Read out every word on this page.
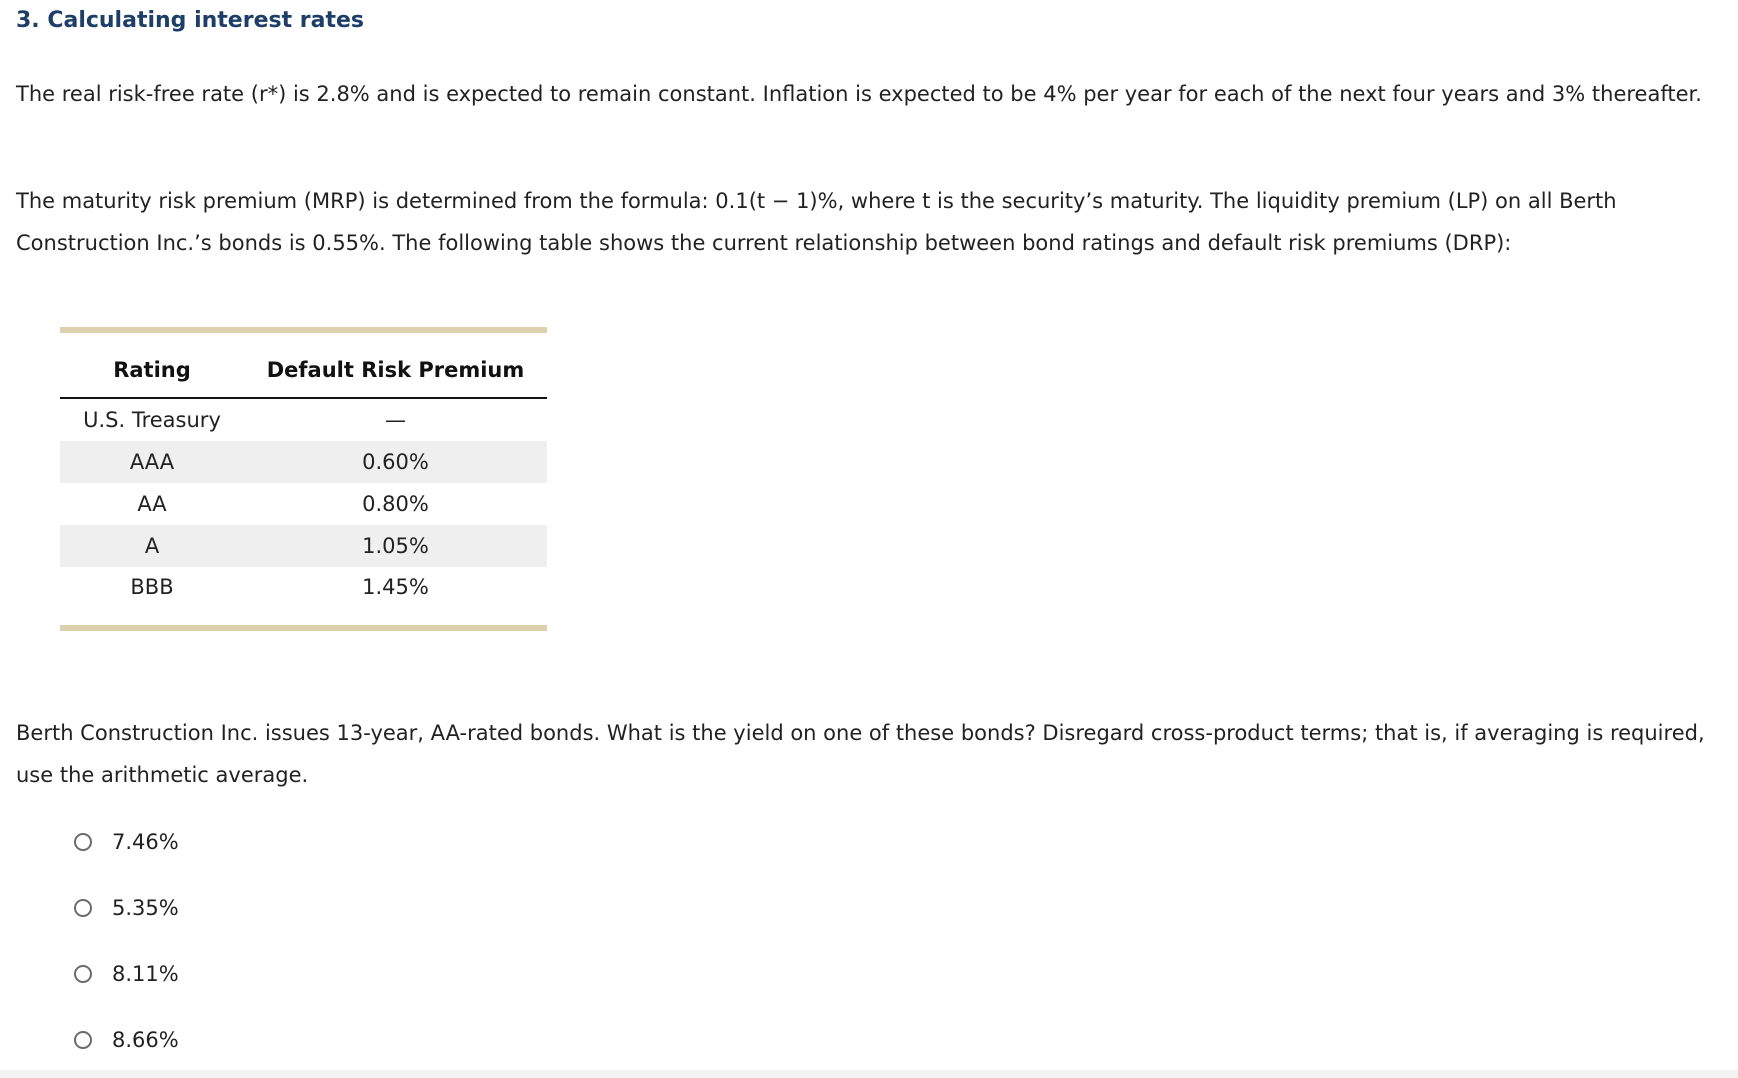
3. Calculating interest rates

The real risk-free rate (r*) is 2.8% and is expected to remain constant. Inflation is expected to be 4% per year for each of the next four years and 3% thereafter.

The maturity risk premium (MRP) is determined from the formula: 0.1(t − 1)%, where t is the security’s maturity. The liquidity premium (LP) on all Berth Construction Inc.’s bonds is 0.55%. The following table shows the current relationship between bond ratings and default risk premiums (DRP):

Rating	Default Risk Premium
U.S. Treasury	—
AAA	0.60%
AA	0.80%
A	1.05%
BBB	1.45%

Berth Construction Inc. issues 13-year, AA-rated bonds. What is the yield on one of these bonds? Disregard cross-product terms; that is, if averaging is required, use the arithmetic average.

7.46%
5.35%
8.11%
8.66%
